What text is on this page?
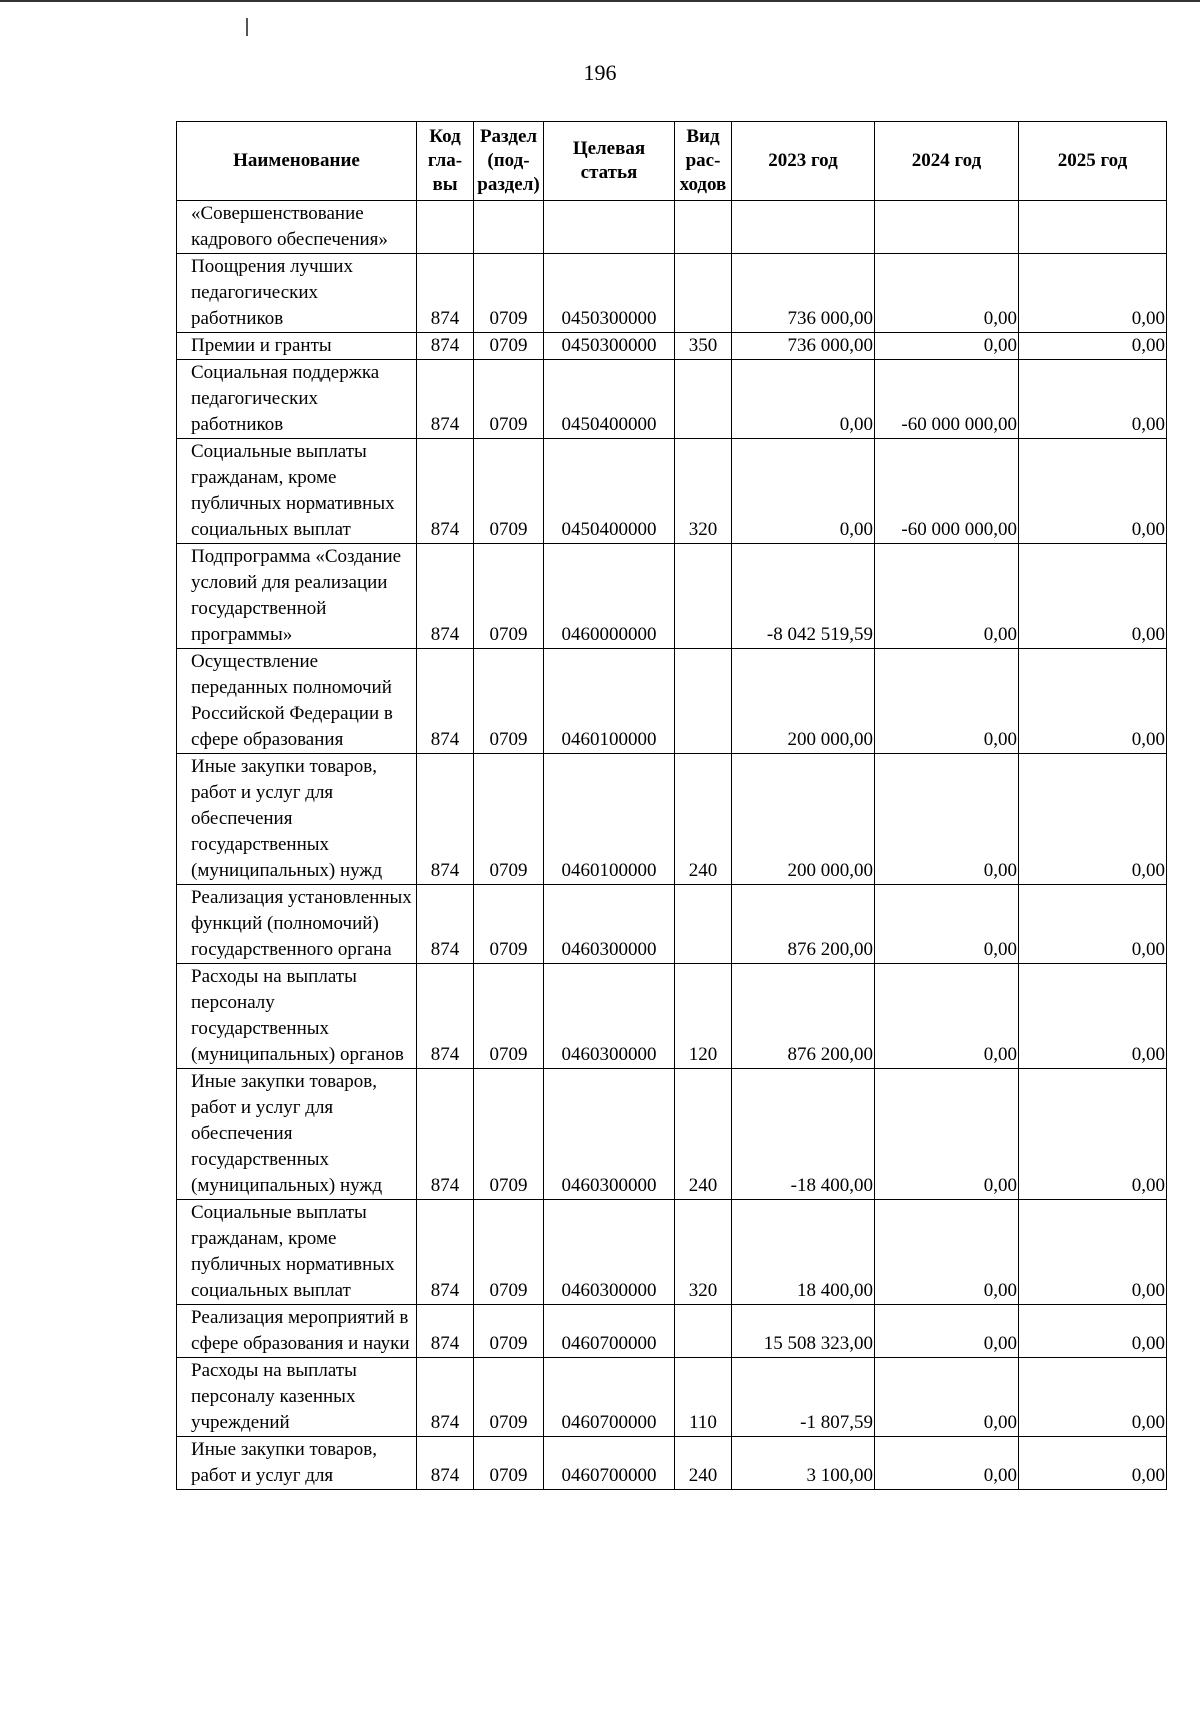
196
Наименование	Код гла-вы	Раздел (под-раздел)	Целевая статья	Вид рас-ходов	2023 год	2024 год	2025 год
«Совершенствование кадрового обеспечения»							
Поощрения лучших педагогических работников	874	0709	0450300000		736 000,00	0,00	0,00
Премии и гранты	874	0709	0450300000	350	736 000,00	0,00	0,00
Социальная поддержка педагогических работников	874	0709	0450400000		0,00	-60 000 000,00	0,00
Социальные выплаты гражданам, кроме публичных нормативных социальных выплат	874	0709	0450400000	320	0,00	-60 000 000,00	0,00
Подпрограмма «Создание условий для реализации государственной программы»	874	0709	0460000000		-8 042 519,59	0,00	0,00
Осуществление переданных полномочий Российской Федерации в сфере образования	874	0709	0460100000		200 000,00	0,00	0,00
Иные закупки товаров, работ и услуг для обеспечения государственных (муниципальных) нужд	874	0709	0460100000	240	200 000,00	0,00	0,00
Реализация установленных функций (полномочий) государственного органа	874	0709	0460300000		876 200,00	0,00	0,00
Расходы на выплаты персоналу государственных (муниципальных) органов	874	0709	0460300000	120	876 200,00	0,00	0,00
Иные закупки товаров, работ и услуг для обеспечения государственных (муниципальных) нужд	874	0709	0460300000	240	-18 400,00	0,00	0,00
Социальные выплаты гражданам, кроме публичных нормативных социальных выплат	874	0709	0460300000	320	18 400,00	0,00	0,00
Реализация мероприятий в сфере образования и науки	874	0709	0460700000		15 508 323,00	0,00	0,00
Расходы на выплаты персоналу казенных учреждений	874	0709	0460700000	110	-1 807,59	0,00	0,00
Иные закупки товаров, работ и услуг для	874	0709	0460700000	240	3 100,00	0,00	0,00
